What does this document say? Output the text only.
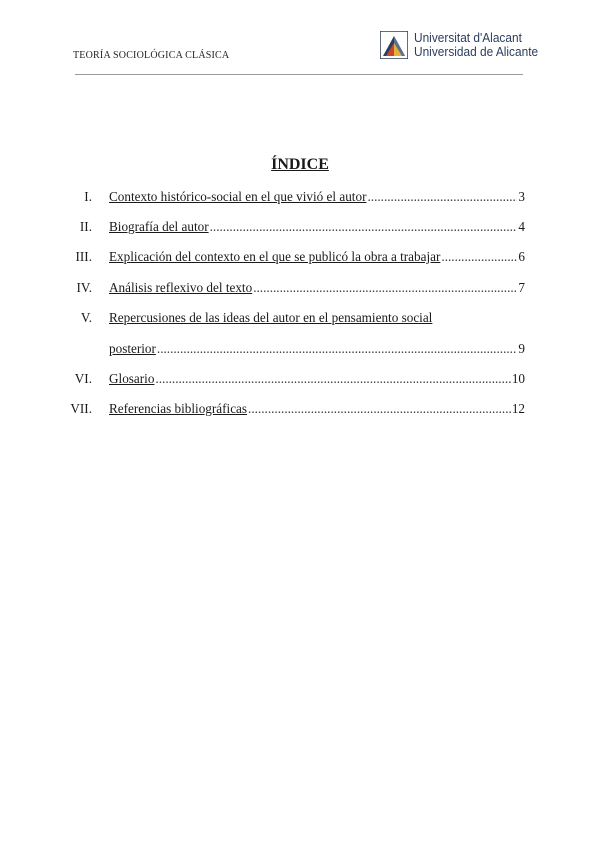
TEORÍA SOCIOLÓGICA CLÁSICA
Universitat d'Alacant
Universidad de Alicante
ÍNDICE
I. Contexto histórico-social en el que vivió el autor .....	3
II. Biografía del autor .....	4
III. Explicación del contexto en el que se publicó la obra a trabajar .....	6
IV. Análisis reflexivo del texto .....	7
V. Repercusiones de las ideas del autor en el pensamiento social
posterior .....	9
VI. Glosario .....	10
VII. Referencias bibliográficas .....	12
